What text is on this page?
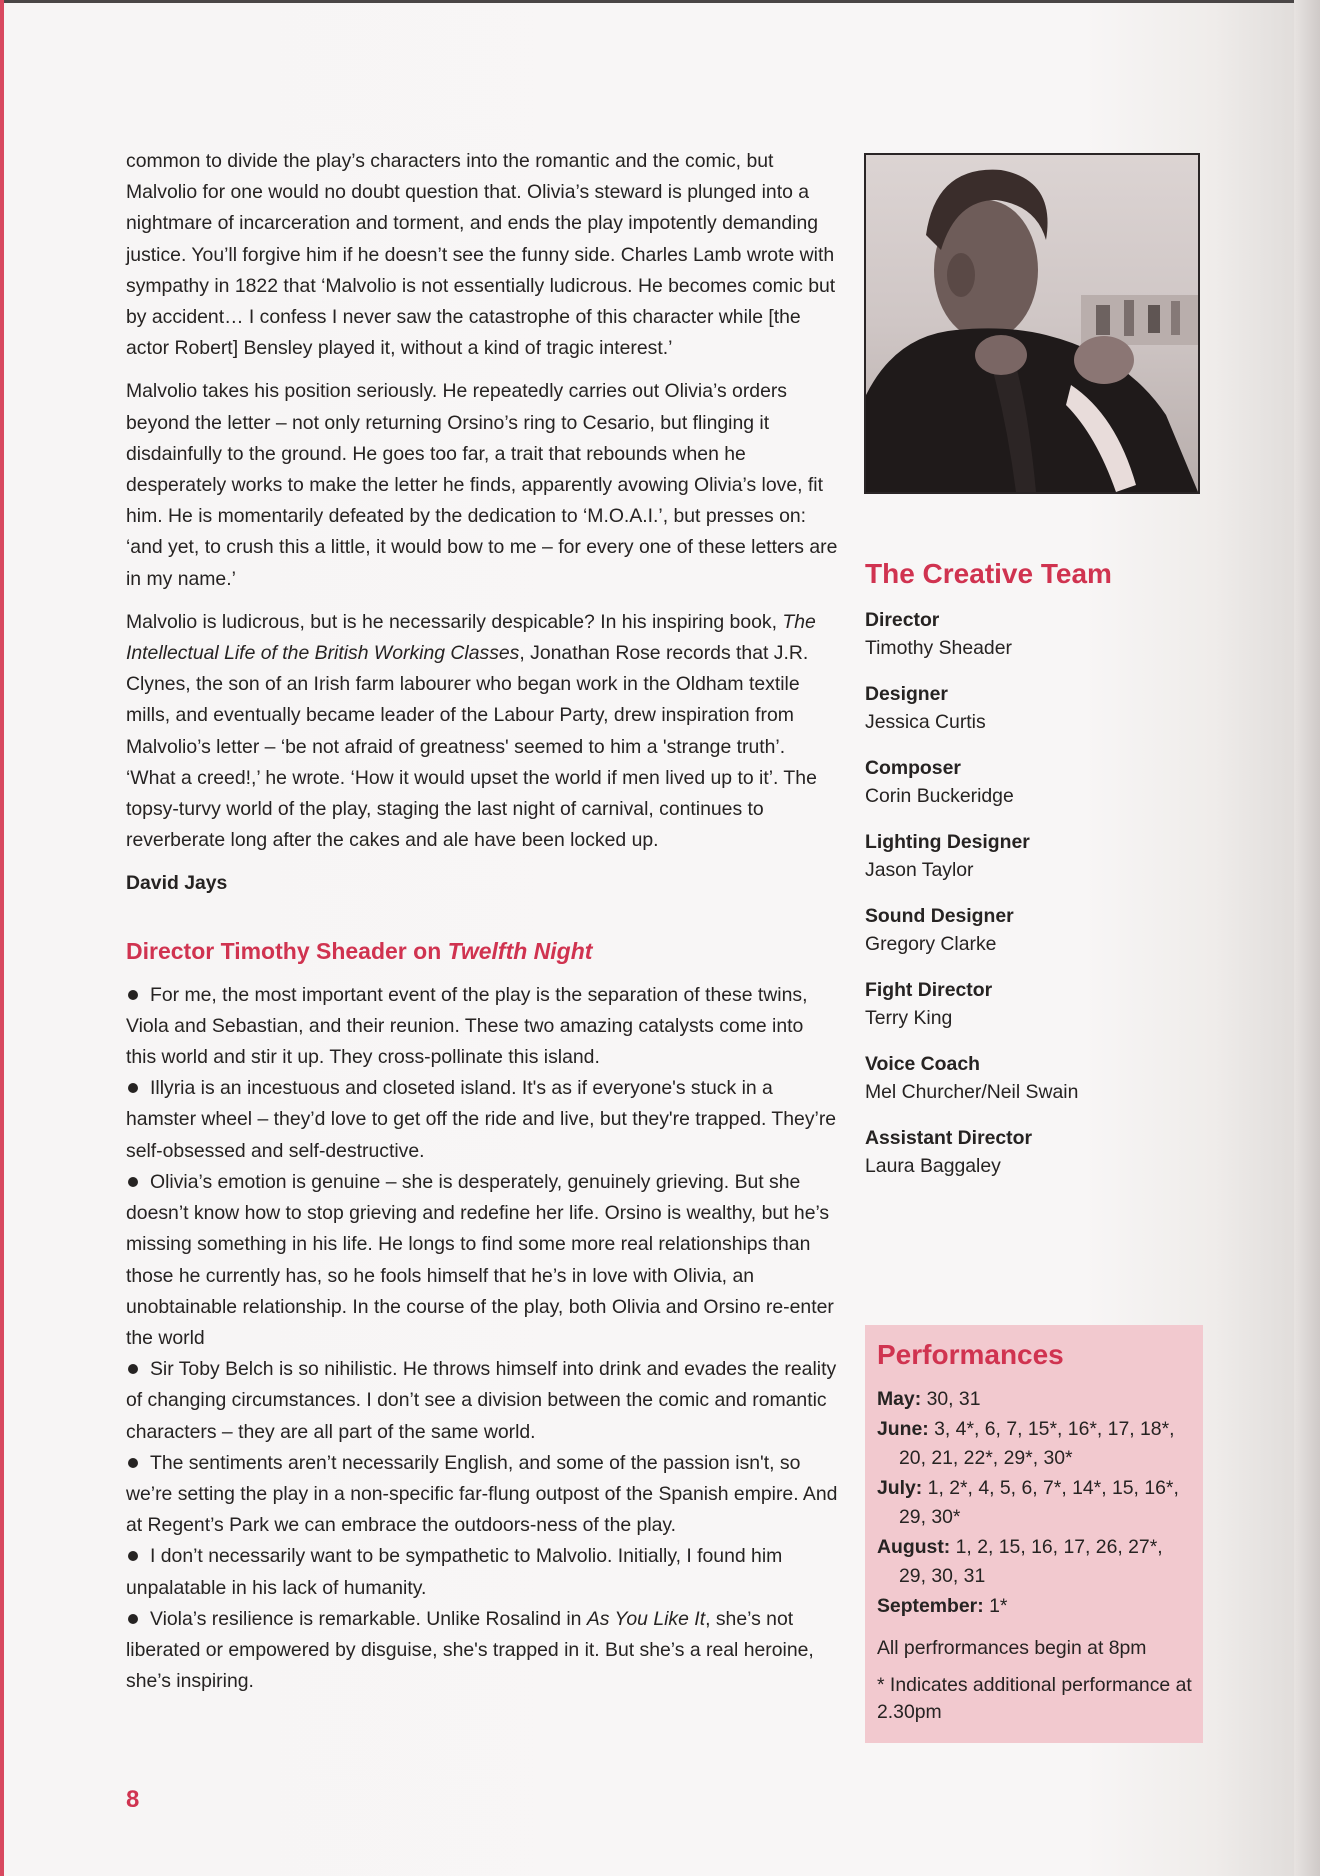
common to divide the play’s characters into the romantic and the comic, but Malvolio for one would no doubt question that. Olivia’s steward is plunged into a nightmare of incarceration and torment, and ends the play impotently demanding justice. You’ll forgive him if he doesn’t see the funny side. Charles Lamb wrote with sympathy in 1822 that ‘Malvolio is not essentially ludicrous. He becomes comic but by accident… I confess I never saw the catastrophe of this character while [the actor Robert] Bensley played it, without a kind of tragic interest.’

Malvolio takes his position seriously. He repeatedly carries out Olivia’s orders beyond the letter – not only returning Orsino’s ring to Cesario, but flinging it disdainfully to the ground. He goes too far, a trait that rebounds when he desperately works to make the letter he finds, apparently avowing Olivia’s love, fit him. He is momentarily defeated by the dedication to ‘M.O.A.I.’, but presses on: ‘and yet, to crush this a little, it would bow to me – for every one of these letters are in my name.’

Malvolio is ludicrous, but is he necessarily despicable? In his inspiring book, The Intellectual Life of the British Working Classes, Jonathan Rose records that J.R. Clynes, the son of an Irish farm labourer who began work in the Oldham textile mills, and eventually became leader of the Labour Party, drew inspiration from Malvolio’s letter – ‘be not afraid of greatness' seemed to him a 'strange truth’. ‘What a creed!,’ he wrote. ‘How it would upset the world if men lived up to it’. The topsy-turvy world of the play, staging the last night of carnival, continues to reverberate long after the cakes and ale have been locked up.

David Jays

Director Timothy Sheader on Twelfth Night

For me, the most important event of the play is the separation of these twins, Viola and Sebastian, and their reunion. These two amazing catalysts come into this world and stir it up. They cross-pollinate this island.

Illyria is an incestuous and closeted island. It's as if everyone's stuck in a hamster wheel – they’d love to get off the ride and live, but they're trapped. They’re self-obsessed and self-destructive.

Olivia’s emotion is genuine – she is desperately, genuinely grieving. But she doesn’t know how to stop grieving and redefine her life. Orsino is wealthy, but he’s missing something in his life. He longs to find some more real relationships than those he currently has, so he fools himself that he’s in love with Olivia, an unobtainable relationship. In the course of the play, both Olivia and Orsino re-enter the world

Sir Toby Belch is so nihilistic. He throws himself into drink and evades the reality of changing circumstances. I don’t see a division between the comic and romantic characters – they are all part of the same world.

The sentiments aren’t necessarily English, and some of the passion isn't, so we’re setting the play in a non-specific far-flung outpost of the Spanish empire. And at Regent’s Park we can embrace the outdoors-ness of the play.

I don’t necessarily want to be sympathetic to Malvolio. Initially, I found him unpalatable in his lack of humanity.

Viola’s resilience is remarkable. Unlike Rosalind in As You Like It, she’s not liberated or empowered by disguise, she's trapped in it. But she’s a real heroine, she’s inspiring.

8
The Creative Team
Director
Timothy Sheader
Designer
Jessica Curtis
Composer
Corin Buckeridge
Lighting Designer
Jason Taylor
Sound Designer
Gregory Clarke
Fight Director
Terry King
Voice Coach
Mel Churcher/Neil Swain
Assistant Director
Laura Baggaley
Performances
May: 30, 31
June: 3, 4*, 6, 7, 15*, 16*, 17, 18*, 20, 21, 22*, 29*, 30*
July: 1, 2*, 4, 5, 6, 7*, 14*, 15, 16*, 29, 30*
August: 1, 2, 15, 16, 17, 26, 27*, 29, 30, 31
September: 1*
All perfrormances begin at 8pm
* Indicates additional performance at 2.30pm
